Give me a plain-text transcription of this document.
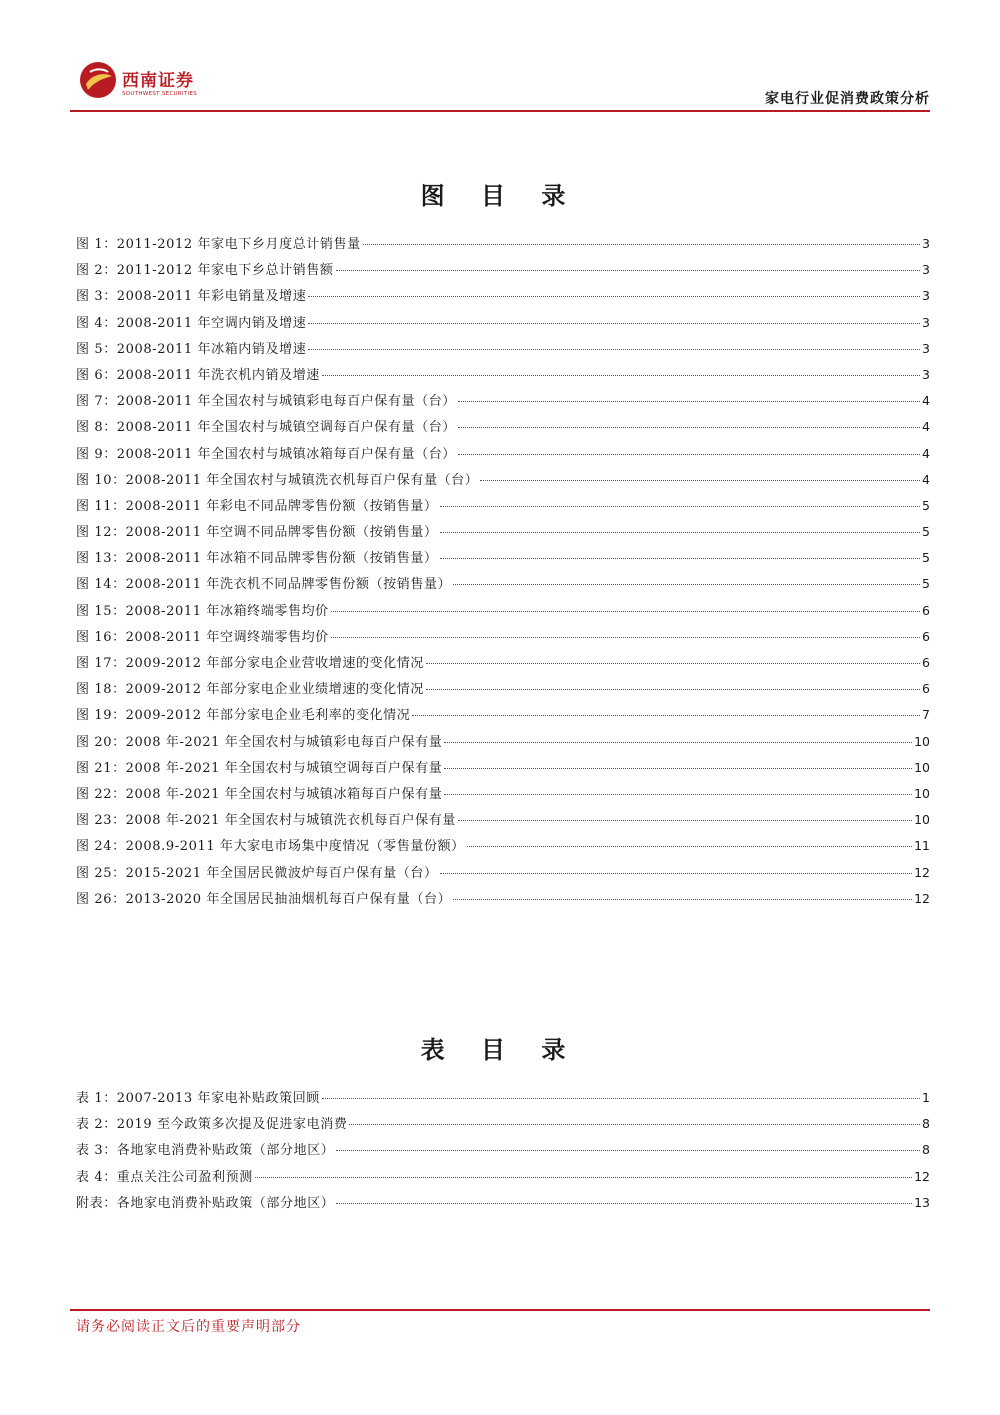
西南证券
SOUTHWEST SECURITIES	家电行业促消费政策分析
图 目 录
图 1：2011-2012 年家电下乡月度总计销售量	3
图 2：2011-2012 年家电下乡总计销售额	3
图 3：2008-2011 年彩电销量及增速	3
图 4：2008-2011 年空调内销及增速	3
图 5：2008-2011 年冰箱内销及增速	3
图 6：2008-2011 年洗衣机内销及增速	3
图 7：2008-2011 年全国农村与城镇彩电每百户保有量（台）	4
图 8：2008-2011 年全国农村与城镇空调每百户保有量（台）	4
图 9：2008-2011 年全国农村与城镇冰箱每百户保有量（台）	4
图 10：2008-2011 年全国农村与城镇洗衣机每百户保有量（台）	4
图 11：2008-2011 年彩电不同品牌零售份额（按销售量）	5
图 12：2008-2011 年空调不同品牌零售份额（按销售量）	5
图 13：2008-2011 年冰箱不同品牌零售份额（按销售量）	5
图 14：2008-2011 年洗衣机不同品牌零售份额（按销售量）	5
图 15：2008-2011 年冰箱终端零售均价	6
图 16：2008-2011 年空调终端零售均价	6
图 17：2009-2012 年部分家电企业营收增速的变化情况	6
图 18：2009-2012 年部分家电企业业绩增速的变化情况	6
图 19：2009-2012 年部分家电企业毛利率的变化情况	7
图 20：2008 年-2021 年全国农村与城镇彩电每百户保有量	10
图 21：2008 年-2021 年全国农村与城镇空调每百户保有量	10
图 22：2008 年-2021 年全国农村与城镇冰箱每百户保有量	10
图 23：2008 年-2021 年全国农村与城镇洗衣机每百户保有量	10
图 24：2008.9-2011 年大家电市场集中度情况（零售量份额）	11
图 25：2015-2021 年全国居民微波炉每百户保有量（台）	12
图 26：2013-2020 年全国居民抽油烟机每百户保有量（台）	12
表 目 录
表 1：2007-2013 年家电补贴政策回顾	1
表 2：2019 至今政策多次提及促进家电消费	8
表 3：各地家电消费补贴政策（部分地区）	8
表 4：重点关注公司盈利预测	12
附表：各地家电消费补贴政策（部分地区）	13
请务必阅读正文后的重要声明部分
